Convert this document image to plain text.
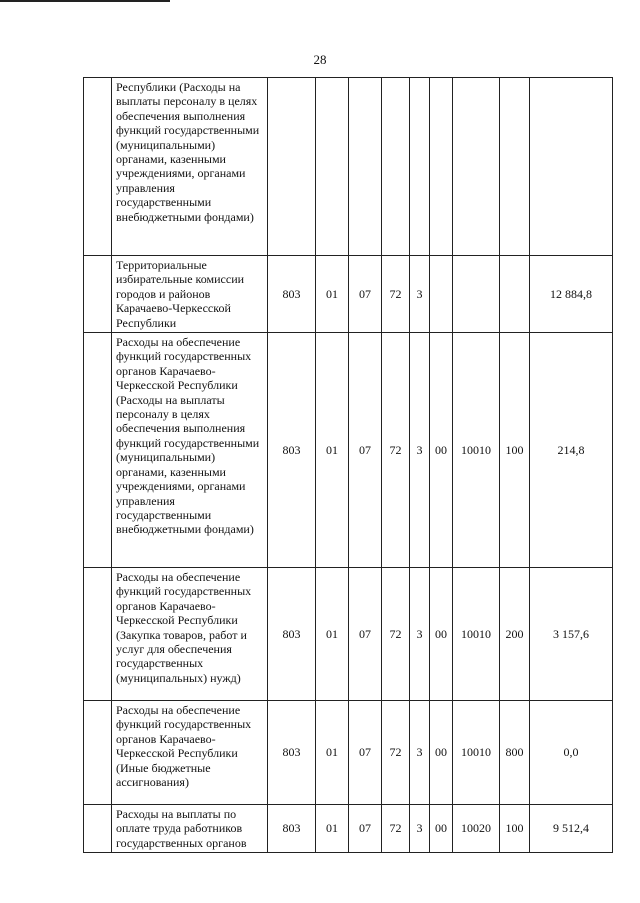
28
	Республики (Расходы на выплаты персоналу в целях обеспечения выполнения функций государственными (муниципальными) органами, казенными учреждениями, органами управления государственными внебюджетными фондами)									
	Территориальные избирательные комиссии городов и районов Карачаево-Черкесской Республики	803	01	07	72	3				12 884,8
	Расходы на обеспечение функций государственных органов Карачаево-Черкесской Республики (Расходы на выплаты персоналу в целях обеспечения выполнения функций государственными (муниципальными) органами, казенными учреждениями, органами управления государственными внебюджетными фондами)	803	01	07	72	3	00	10010	100	214,8
	Расходы на обеспечение функций государственных органов Карачаево-Черкесской Республики (Закупка товаров, работ и услуг для обеспечения государственных (муниципальных) нужд)	803	01	07	72	3	00	10010	200	3 157,6
	Расходы на обеспечение функций государственных органов Карачаево-Черкесской Республики (Иные бюджетные ассигнования)	803	01	07	72	3	00	10010	800	0,0
	Расходы на выплаты по оплате труда работников государственных органов	803	01	07	72	3	00	10020	100	9 512,4
